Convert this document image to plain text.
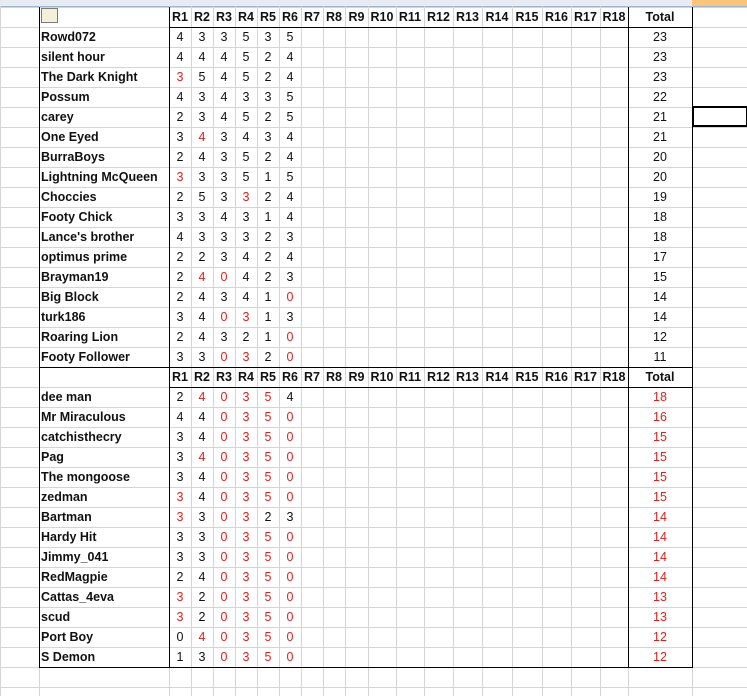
R1 R2 R3 R4 R5 R6 R7 R8 R9 R10 R11 R12 R13 R14 R15 R16 R17 R18	Total
Rowd072	4	3	3	5	3	5	23
silent hour	4	4	4	5	2	4	23
The Dark Knight	3	5	4	5	2	4	23
Possum	4	3	4	3	3	5	22
carey	2	3	4	5	2	5	21
One Eyed	3	4	3	4	3	4	21
BurraBoys	2	4	3	5	2	4	20
Lightning McQueen	3	3	3	5	1	5	20
Choccies	2	5	3	3	2	4	19
Footy Chick	3	3	4	3	1	4	18
Lance's brother	4	3	3	3	2	3	18
optimus prime	2	2	3	4	2	4	17
Brayman19	2	4	0	4	2	3	15
Big Block	2	4	3	4	1	0	14
turk186	3	4	0	3	1	3	14
Roaring Lion	2	4	3	2	1	0	12
Footy Follower	3	3	0	3	2	0	11
R1 R2 R3 R4 R5 R6 R7 R8 R9 R10 R11 R12 R13 R14 R15 R16 R17 R18	Total
dee man	2	4	0	3	5	4	18
Mr Miraculous	4	4	0	3	5	0	16
catchisthecry	3	4	0	3	5	0	15
Pag	3	4	0	3	5	0	15
The mongoose	3	4	0	3	5	0	15
zedman	3	4	0	3	5	0	15
Bartman	3	3	0	3	2	3	14
Hardy Hit	3	3	0	3	5	0	14
Jimmy_041	3	3	0	3	5	0	14
RedMagpie	2	4	0	3	5	0	14
Cattas_4eva	3	2	0	3	5	0	13
scud	3	2	0	3	5	0	13
Port Boy	0	4	0	3	5	0	12
S Demon	1	3	0	3	5	0	12
